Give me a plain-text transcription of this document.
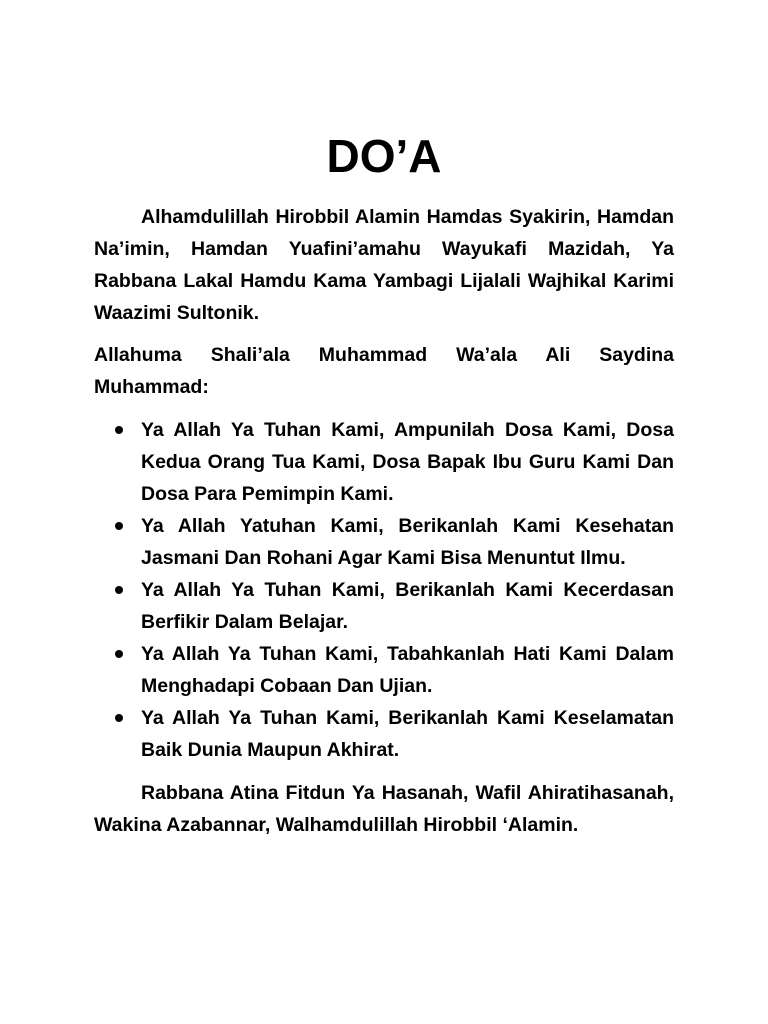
DO’A

Alhamdulillah Hirobbil Alamin Hamdas Syakirin, Hamdan Na’imin, Hamdan Yuafini’amahu Wayukafi Mazidah, Ya Rabbana Lakal Hamdu Kama Yambagi Lijalali Wajhikal Karimi Waazimi Sultonik.

Allahuma Shali’ala Muhammad Wa’ala Ali Saydina Muhammad:

Ya Allah Ya Tuhan Kami, Ampunilah Dosa Kami, Dosa Kedua Orang Tua Kami, Dosa Bapak Ibu Guru Kami Dan Dosa Para Pemimpin Kami.
Ya Allah Yatuhan Kami, Berikanlah Kami Kesehatan Jasmani Dan Rohani Agar Kami Bisa Menuntut Ilmu.
Ya Allah Ya Tuhan Kami, Berikanlah Kami Kecerdasan Berfikir Dalam Belajar.
Ya Allah Ya Tuhan Kami, Tabahkanlah Hati Kami Dalam Menghadapi Cobaan Dan Ujian.
Ya Allah Ya Tuhan Kami, Berikanlah Kami Keselamatan Baik Dunia Maupun Akhirat.

Rabbana Atina Fitdun Ya Hasanah, Wafil Ahiratihasanah, Wakina Azabannar, Walhamdulillah Hirobbil ‘Alamin.
